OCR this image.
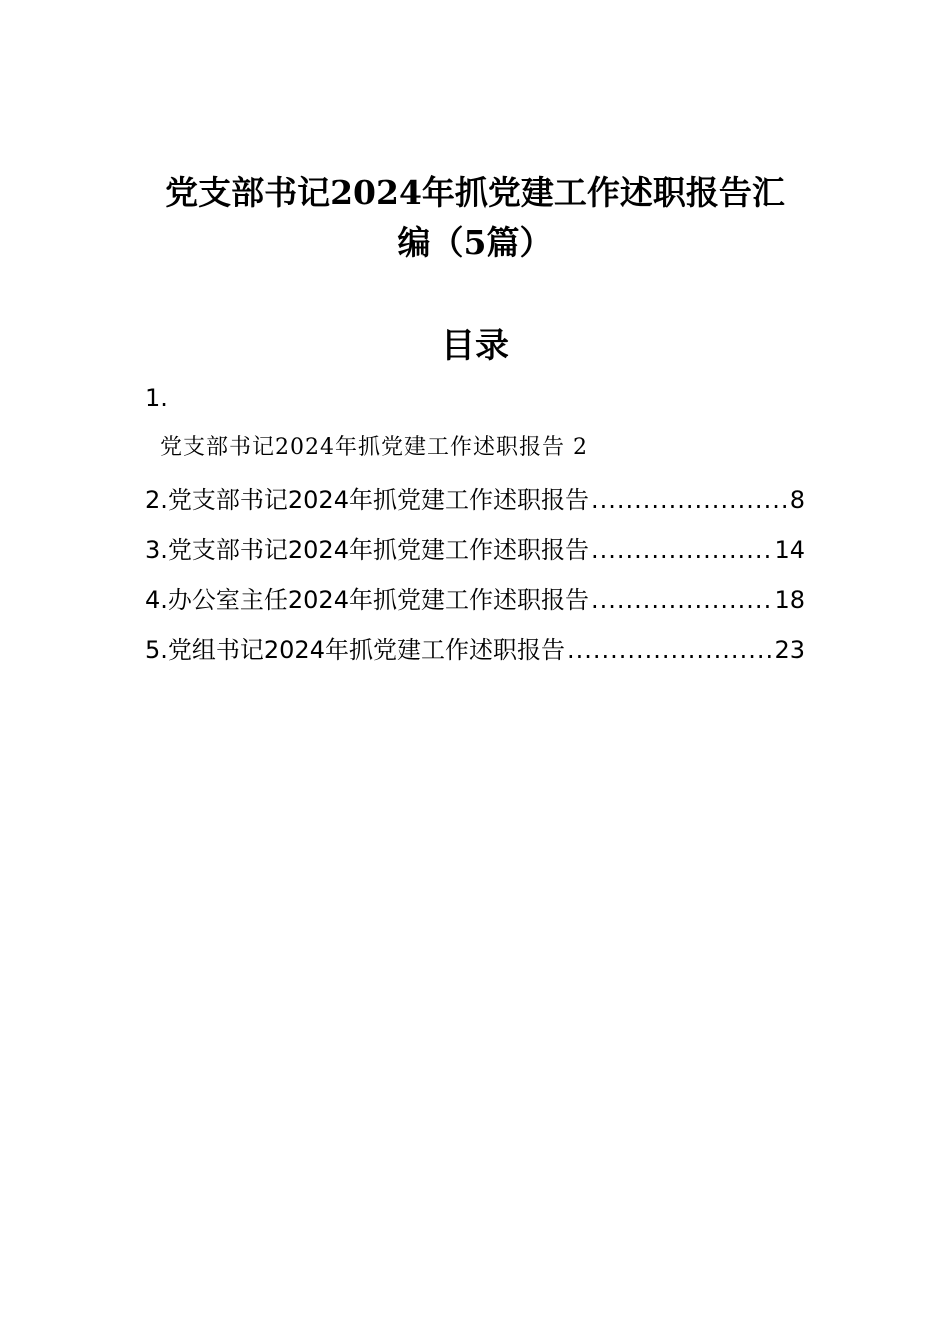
党支部书记2024年抓党建工作述职报告汇
编（5篇）
目录
1.
党支部书记2024年抓党建工作述职报告 2
2.党支部书记2024年抓党建工作述职报告 .....	8
3.党支部书记2024年抓党建工作述职报告 .....	14
4.办公室主任2024年抓党建工作述职报告 .....	18
5.党组书记2024年抓党建工作述职报告 .....	23
